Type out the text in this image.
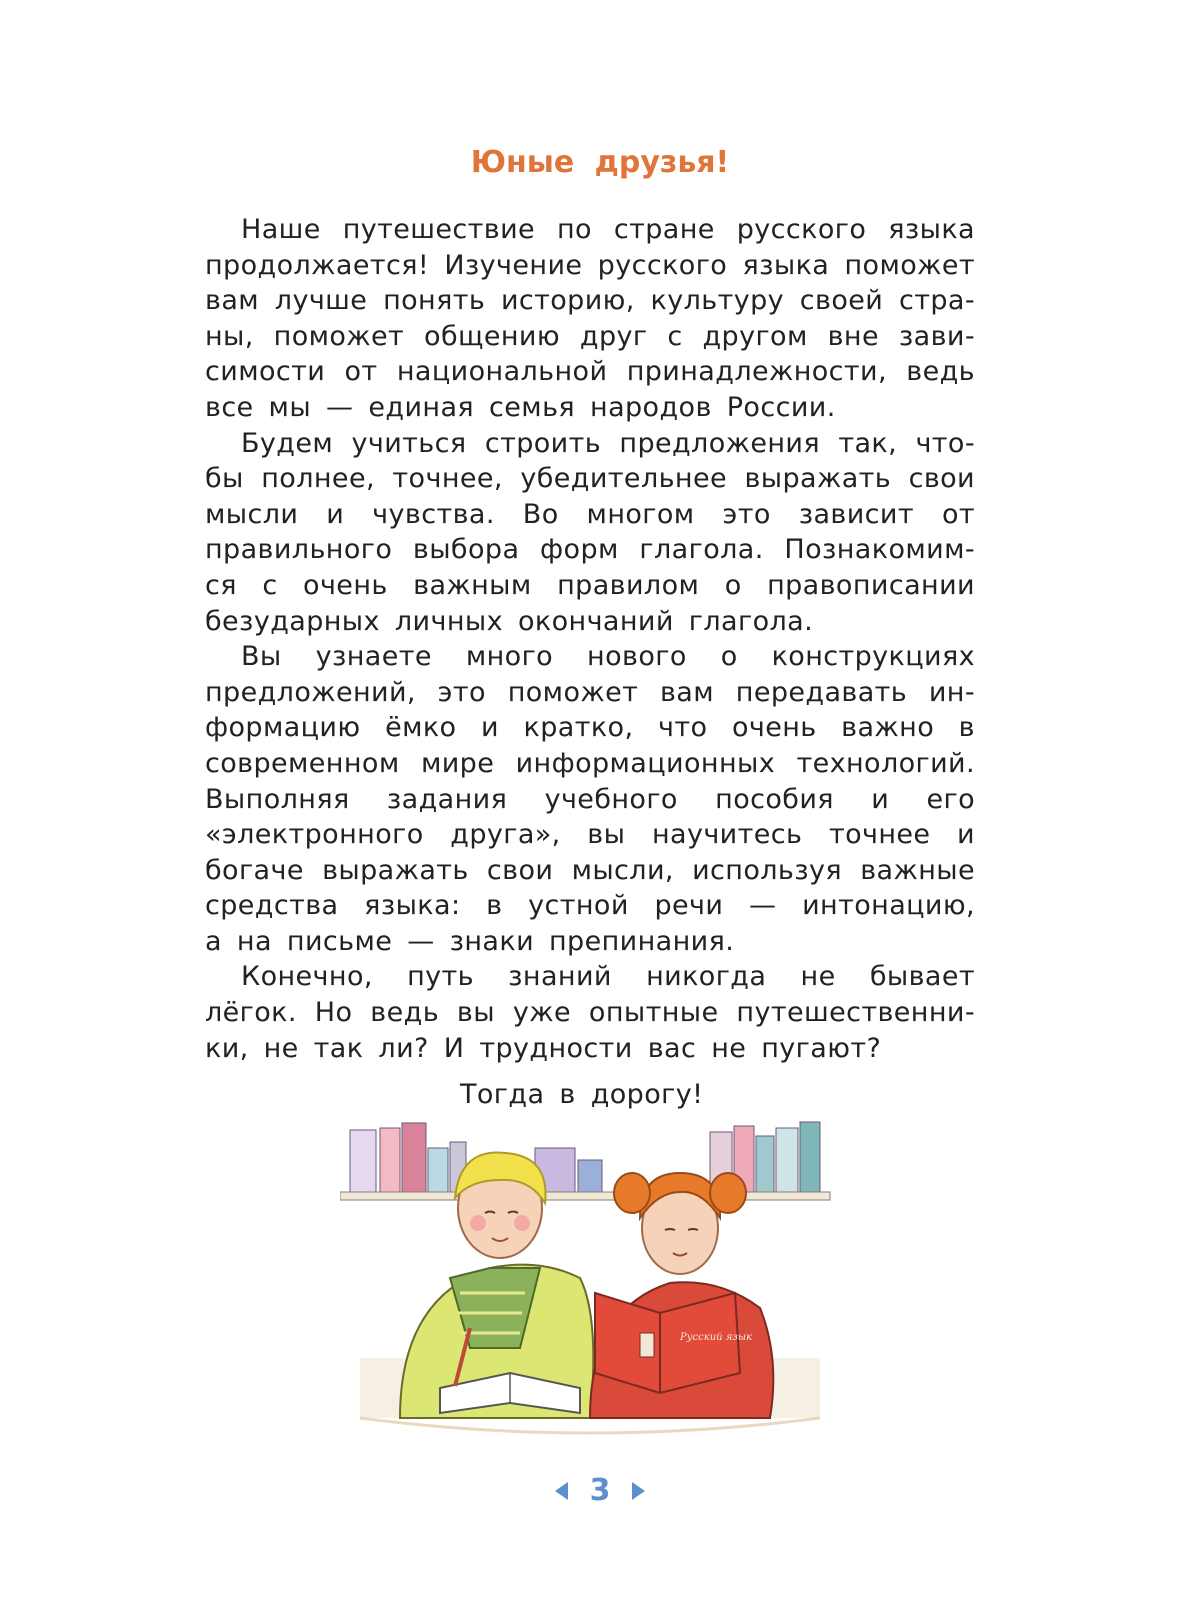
Юные друзья!
Наше путешествие по стране русского языка
продолжается! Изучение русского языка поможет
вам лучше понять историю, культуру своей стра-
ны, поможет общению друг с другом вне зави-
симости от национальной принадлежности, ведь
все мы — единая семья народов России.
Будем учиться строить предложения так, что-
бы полнее, точнее, убедительнее выражать свои
мысли и чувства. Во многом это зависит от
правильного выбора форм глагола. Познакомим-
ся с очень важным правилом о правописании
безударных личных окончаний глагола.
Вы узнаете много нового о конструкциях
предложений, это поможет вам передавать ин-
формацию ёмко и кратко, что очень важно в
современном мире информационных технологий.
Выполняя задания учебного пособия и его
«электронного друга», вы научитесь точнее и
богаче выражать свои мысли, используя важные
средства языка: в устной речи — интонацию,
а на письме — знаки препинания.
Конечно, путь знаний никогда не бывает
лёгок. Но ведь вы уже опытные путешественни-
ки, не так ли? И трудности вас не пугают?
Тогда в дорогу!
Русский язык
3
